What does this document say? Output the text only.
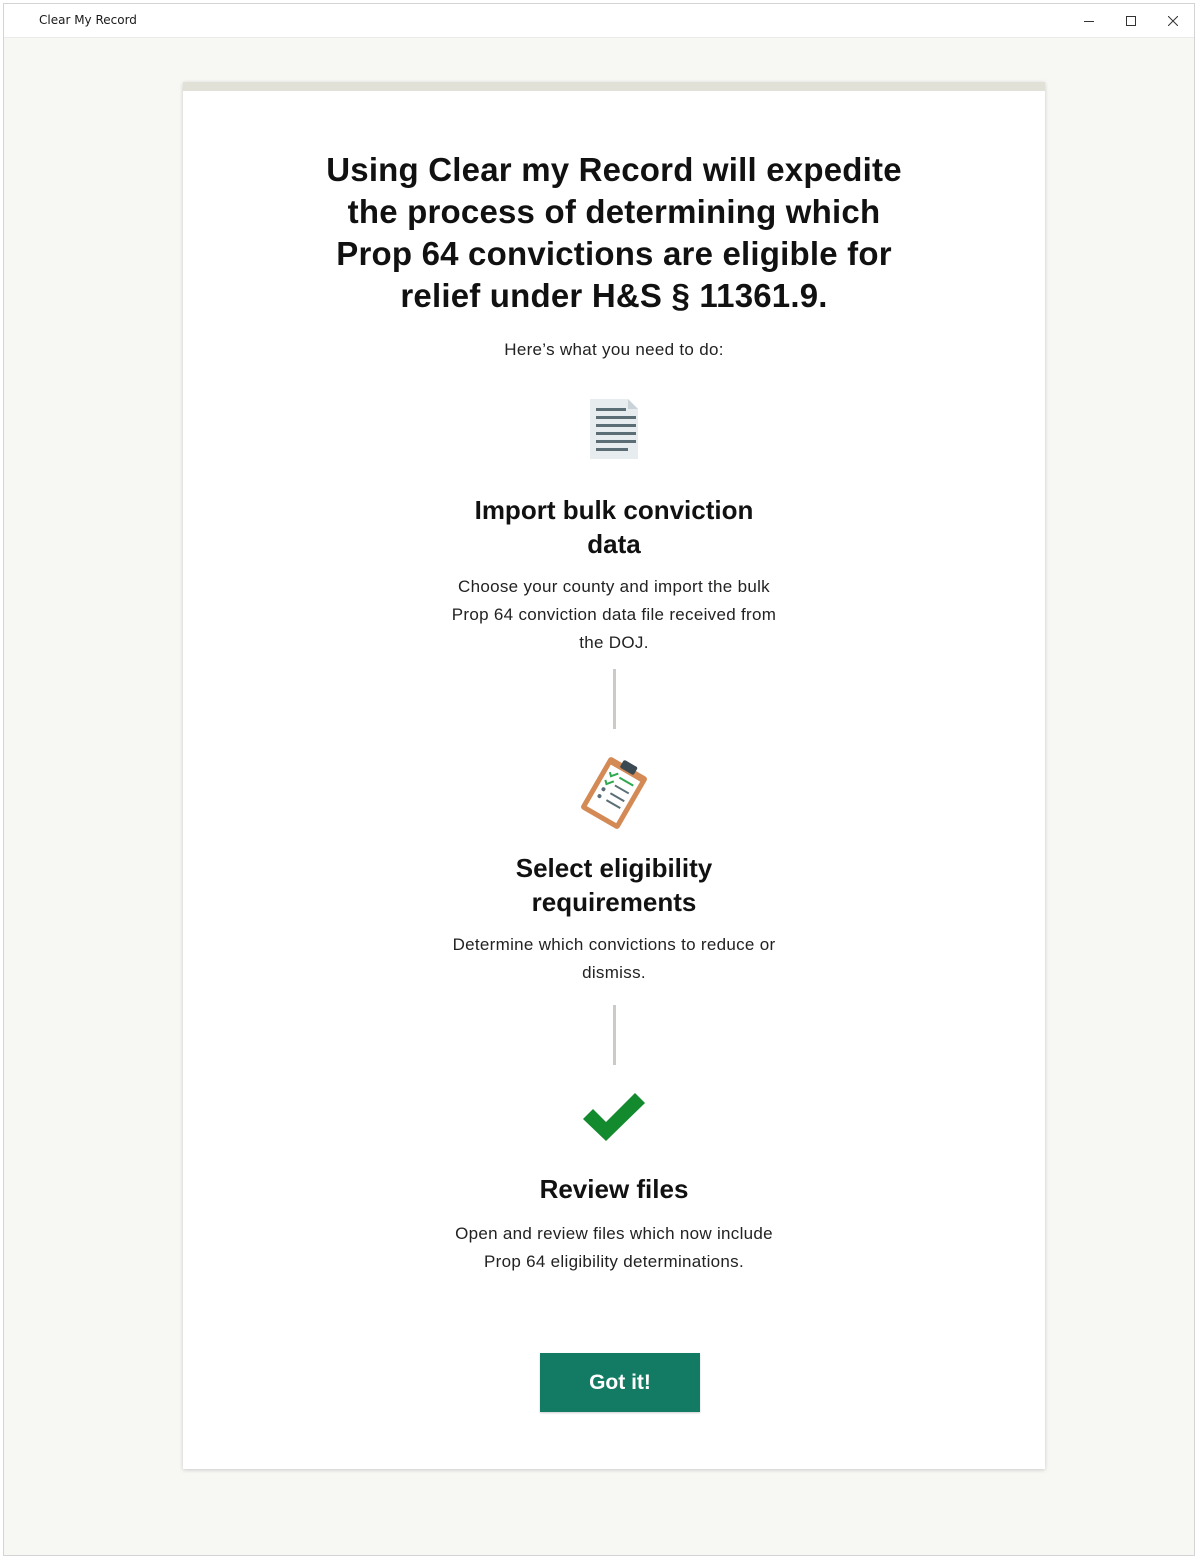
Clear My Record
Using Clear my Record will expedite the process of determining which Prop 64 convictions are eligible for relief under H&S § 11361.9.
Here’s what you need to do:
Import bulk conviction data
Choose your county and import the bulk Prop 64 conviction data file received from the DOJ.
Select eligibility requirements
Determine which convictions to reduce or dismiss.
Review files
Open and review files which now include Prop 64 eligibility determinations.
Got it!
